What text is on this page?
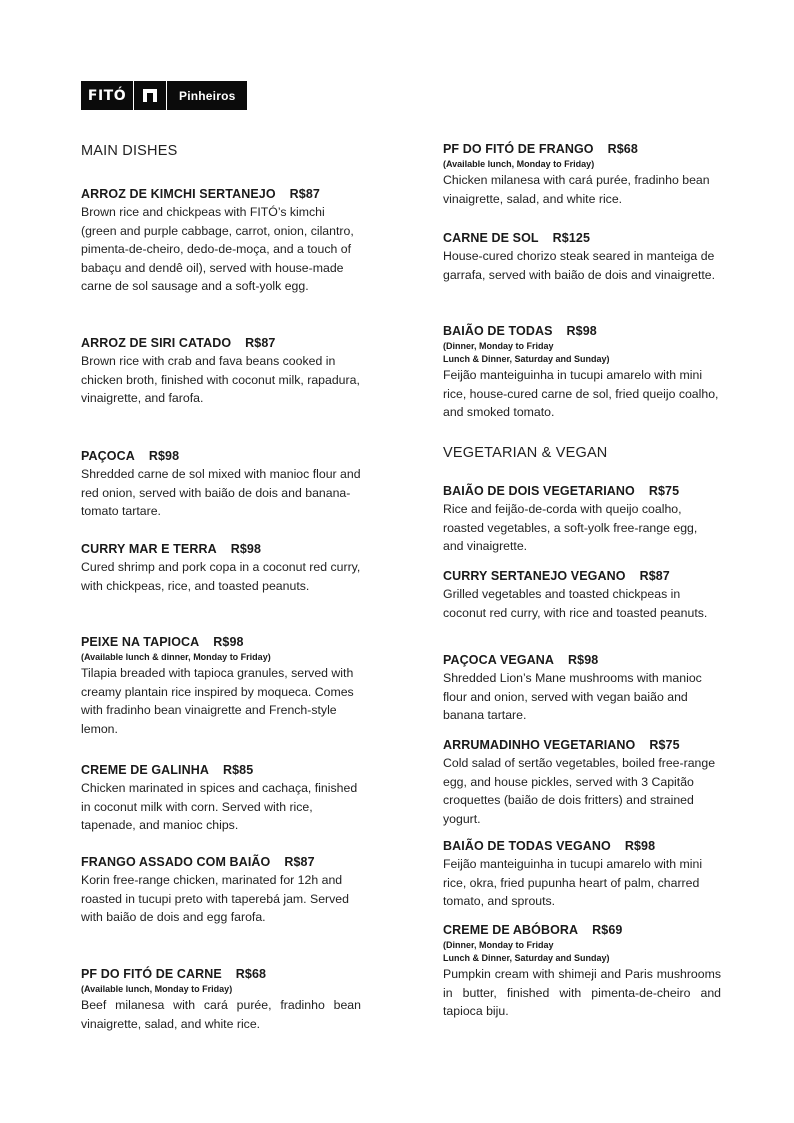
FITÓ	Pinheiros
MAIN DISHES
ARROZ DE KIMCHI SERTANEJO R$87
Brown rice and chickpeas with FITÓ’s kimchi (green and purple cabbage, carrot, onion, cilantro, pimenta-de-cheiro, dedo-de-moça, and a touch of babaçu and dendê oil), served with house-made carne de sol sausage and a soft-yolk egg.
ARROZ DE SIRI CATADO R$87
Brown rice with crab and fava beans cooked in chicken broth, finished with coconut milk, rapadura, vinaigrette, and farofa.
PAÇOCA R$98
Shredded carne de sol mixed with manioc flour and red onion, served with baião de dois and banana-tomato tartare.
CURRY MAR E TERRA R$98
Cured shrimp and pork copa in a coconut red curry, with chickpeas, rice, and toasted peanuts.
PEIXE NA TAPIOCA R$98
(Available lunch & dinner, Monday to Friday)
Tilapia breaded with tapioca granules, served with creamy plantain rice inspired by moqueca. Comes with fradinho bean vinaigrette and French-style lemon.
CREME DE GALINHA R$85
Chicken marinated in spices and cachaça, finished in coconut milk with corn. Served with rice, tapenade, and manioc chips.
FRANGO ASSADO COM BAIÃO R$87
Korin free-range chicken, marinated for 12h and roasted in tucupi preto with taperebá jam. Served with baião de dois and egg farofa.
PF DO FITÓ DE CARNE R$68
(Available lunch, Monday to Friday)
Beef milanesa with cará purée, fradinho bean vinaigrette, salad, and white rice.
PF DO FITÓ DE FRANGO R$68
(Available lunch, Monday to Friday)
Chicken milanesa with cará purée, fradinho bean vinaigrette, salad, and white rice.
CARNE DE SOL R$125
House-cured chorizo steak seared in manteiga de garrafa, served with baião de dois and vinaigrette.
BAIÃO DE TODAS R$98
(Dinner, Monday to Friday
Lunch & Dinner, Saturday and Sunday)
Feijão manteiguinha in tucupi amarelo with mini rice, house-cured carne de sol, fried queijo coalho, and smoked tomato.
VEGETARIAN & VEGAN
BAIÃO DE DOIS VEGETARIANO R$75
Rice and feijão-de-corda with queijo coalho, roasted vegetables, a soft-yolk free-range egg, and vinaigrette.
CURRY SERTANEJO VEGANO R$87
Grilled vegetables and toasted chickpeas in coconut red curry, with rice and toasted peanuts.
PAÇOCA VEGANA R$98
Shredded Lion’s Mane mushrooms with manioc flour and onion, served with vegan baião and banana tartare.
ARRUMADINHO VEGETARIANO R$75
Cold salad of sertão vegetables, boiled free-range egg, and house pickles, served with 3 Capitão croquettes (baião de dois fritters) and strained yogurt.
BAIÃO DE TODAS VEGANO R$98
Feijão manteiguinha in tucupi amarelo with mini rice, okra, fried pupunha heart of palm, charred tomato, and sprouts.
CREME DE ABÓBORA R$69
(Dinner, Monday to Friday
Lunch & Dinner, Saturday and Sunday)
Pumpkin cream with shimeji and Paris mushrooms in butter, finished with pimenta-de-cheiro and tapioca biju.
